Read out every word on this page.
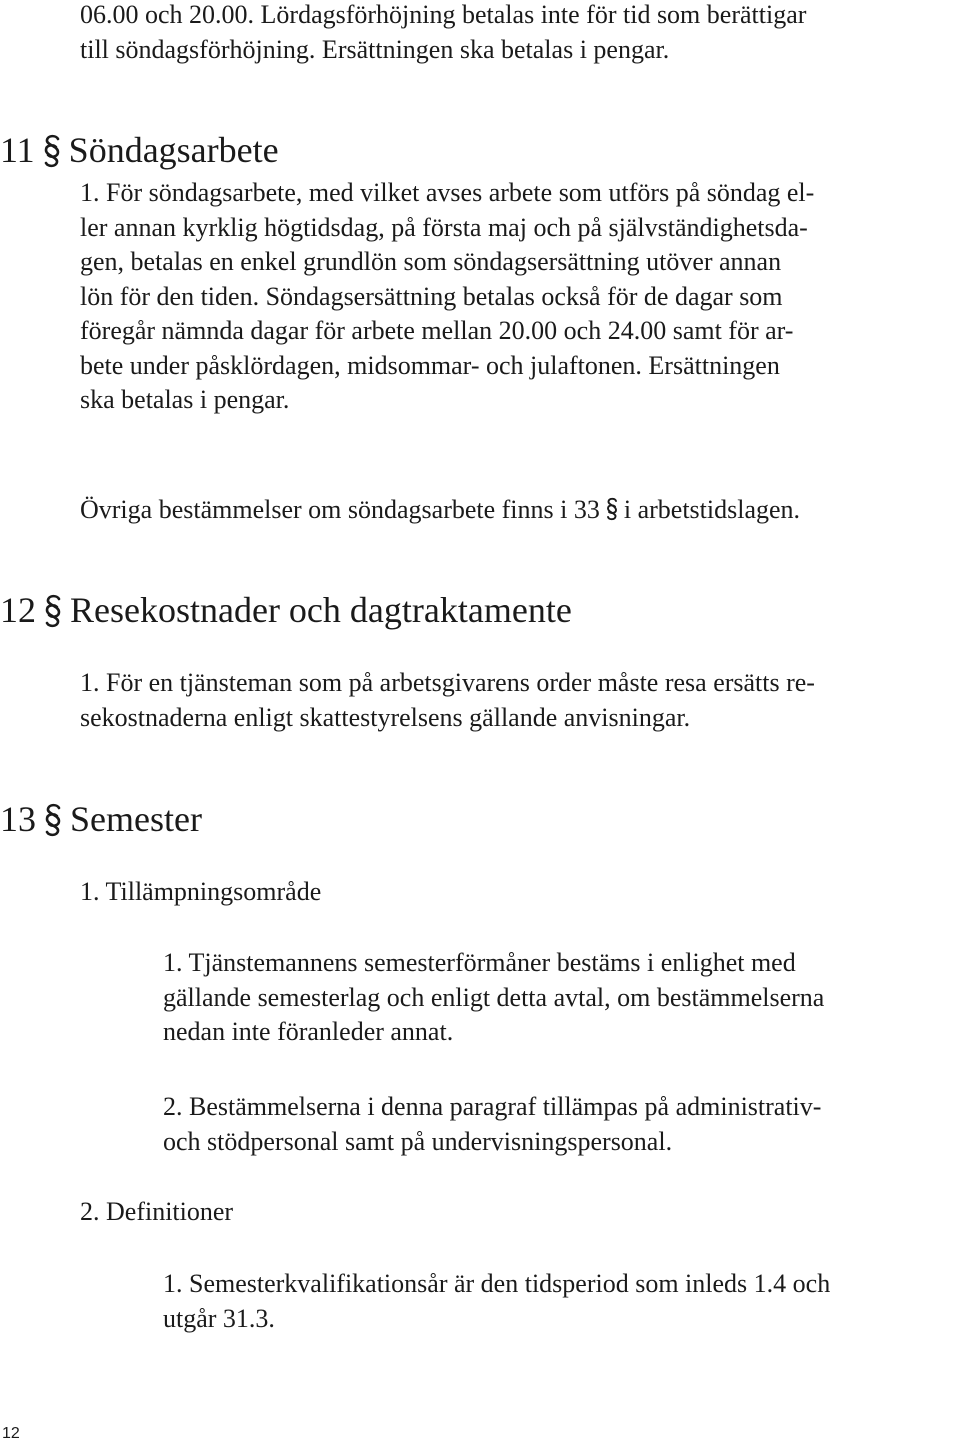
06.00 och 20.00. Lördagsförhöjning betalas inte för tid som berättigar
till söndagsförhöjning. Ersättningen ska betalas i pengar.

11 Söndagsarbete

1. För söndagsarbete, med vilket avses arbete som utförs på söndag el-
ler annan kyrklig högtidsdag, på första maj och på självständighetsda-
gen, betalas en enkel grundlön som söndagsersättning utöver annan
lön för den tiden. Söndagsersättning betalas också för de dagar som
föregår nämnda dagar för arbete mellan 20.00 och 24.00 samt för ar-
bete under påsklördagen, midsommar- och julaftonen. Ersättningen
ska betalas i pengar.

Övriga bestämmelser om söndagsarbete finns i 33 i arbetstidslagen.

12 Resekostnader och dagtraktamente

1. För en tjänsteman som på arbetsgivarens order måste resa ersätts re-
sekostnaderna enligt skattestyrelsens gällande anvisningar.

13 Semester

1. Tillämpningsområde

1. Tjänstemannens semesterförmåner bestäms i enlighet med
gällande semesterlag och enligt detta avtal, om bestämmelserna
nedan inte föranleder annat.

2. Bestämmelserna i denna paragraf tillämpas på administrativ-
och stödpersonal samt på undervisningspersonal.

2. Definitioner

1. Semesterkvalifikationsår är den tidsperiod som inleds 1.4 och
utgår 31.3.

12
